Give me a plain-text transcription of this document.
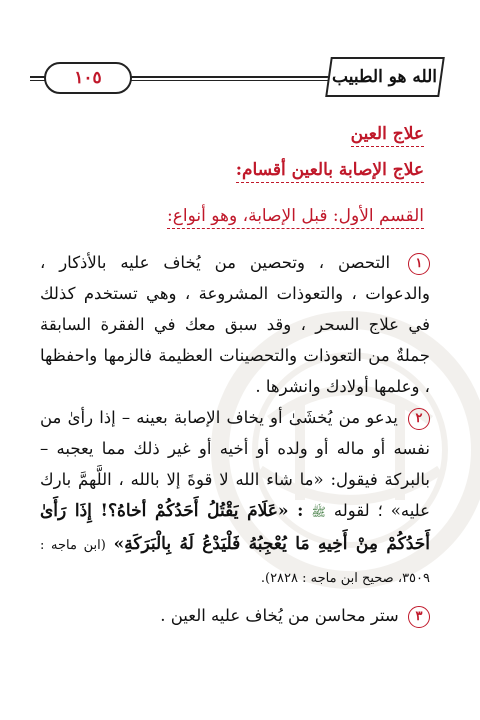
الله هو الطبيب
١٠٥
علاج العين
علاج الإصابة بالعين أقسام:
القسم الأول: قبل الإصابة، وهو أنواع:
١ التحصن ، وتحصين من يُخاف عليه بالأذكار ، والدعوات ، والتعوذات المشروعة ، وهي تستخدم كذلك في علاج السحر ، وقد سبق معك في الفقرة السابقة جملةٌ من التعوذات والتحصينات العظيمة فالزمها واحفظها ، وعلمها أولادك وانشرها .
٢ يدعو من يُخشَىٰ أو يخاف الإصابة بعينه – إذا رأىٰ من نفسه أو ماله أو ولده أو أخيه أو غير ذلك مما يعجبه – بالبركة فيقول: «ما شاء الله لا قوةَ إلا بالله ، اللَّهمَّ بارك عليه» ؛ لقوله ﷺ : «عَلَامَ يَقْتُلُ أَحَدُكُمْ أخاهُ؟! إِذَا رَأَىٰ أَحَدُكُمْ مِنْ أَخِيهِ مَا يُعْجِبُهُ فَلْيَدْعُ لَهُ بِالْبَرَكَةِ» (ابن ماجه : ٣٥٠٩، صحيح ابن ماجه : ٢٨٢٨).
٣ ستر محاسن من يُخاف عليه العين .
